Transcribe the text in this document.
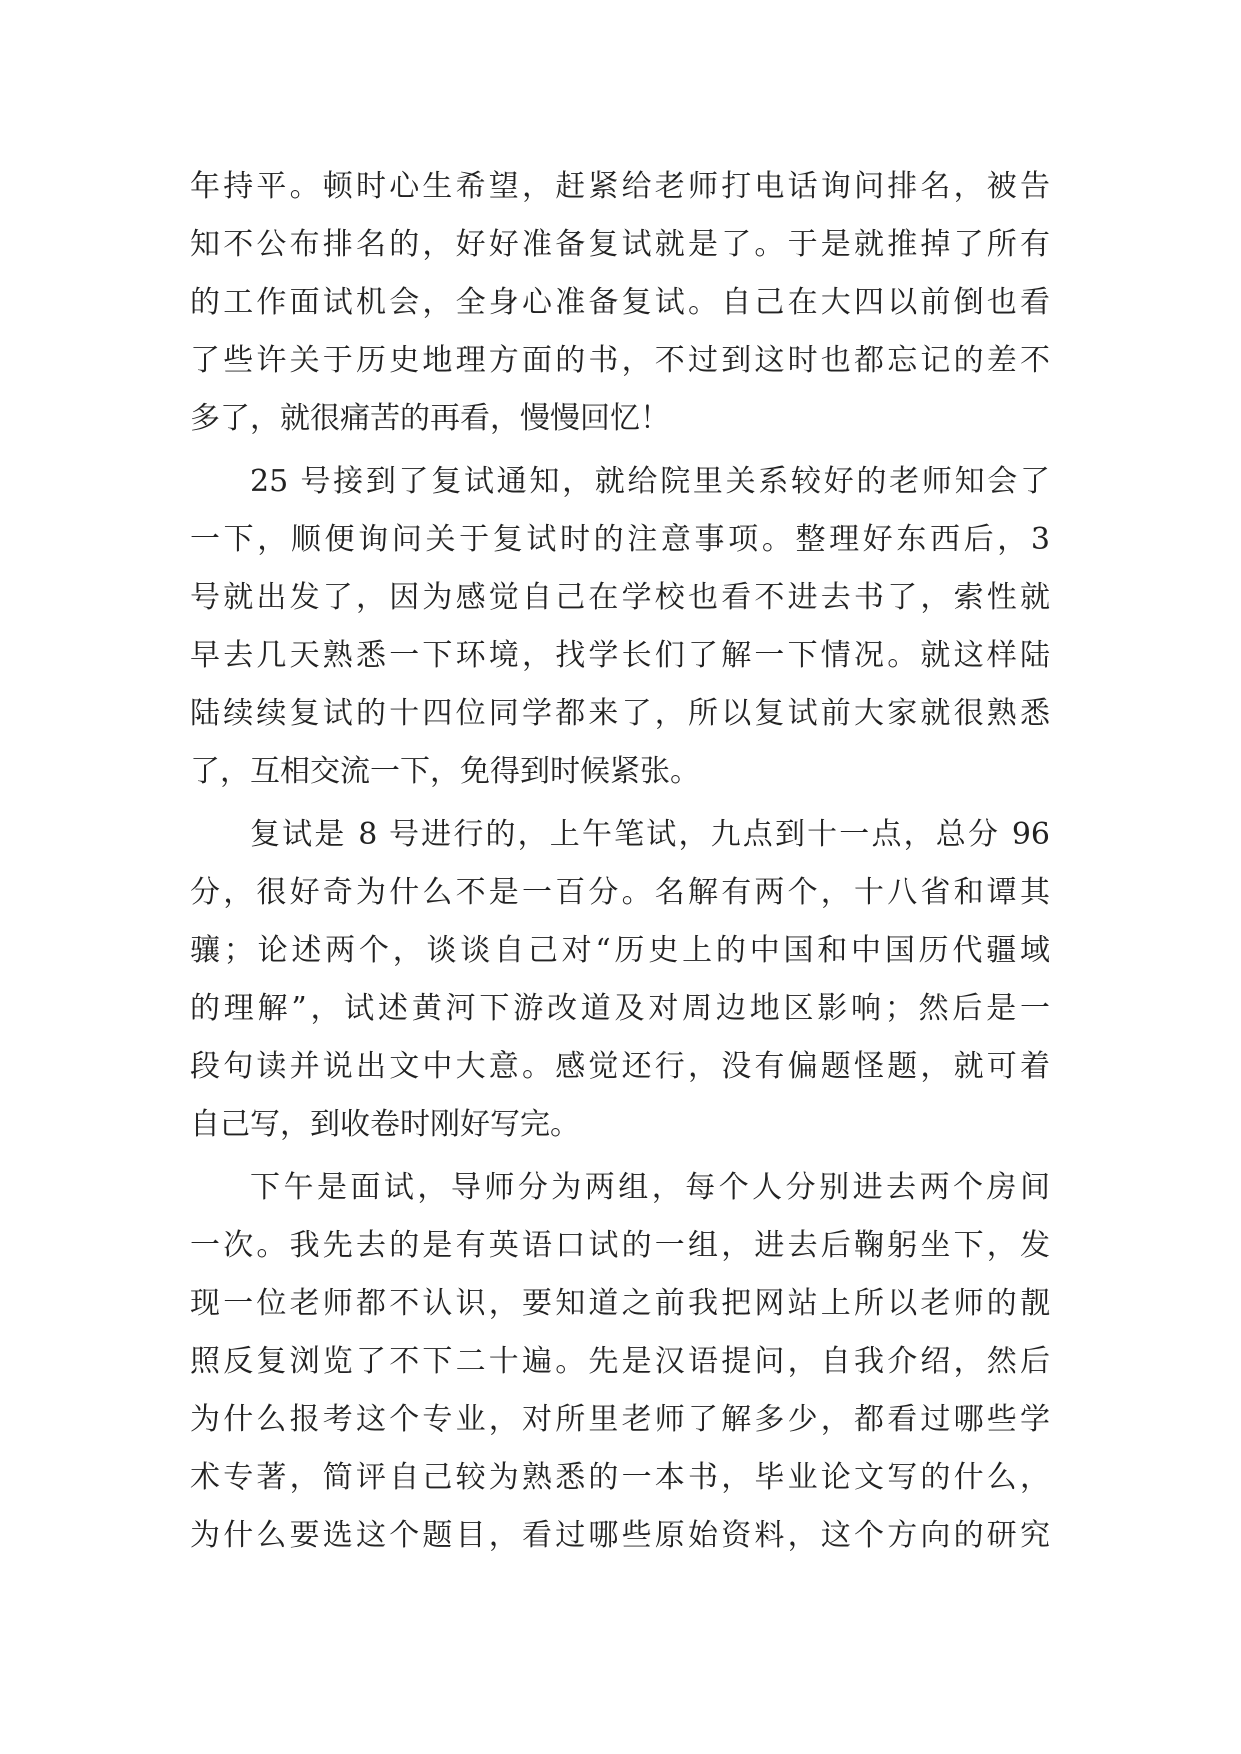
年持平。顿时心生希望，赶紧给老师打电话询问排名，被告
知不公布排名的，好好准备复试就是了。于是就推掉了所有
的工作面试机会，全身心准备复试。自己在大四以前倒也看
了些许关于历史地理方面的书，不过到这时也都忘记的差不
多了，就很痛苦的再看，慢慢回忆！
25 号接到了复试通知，就给院里关系较好的老师知会了
一下，顺便询问关于复试时的注意事项。整理好东西后，3
号就出发了，因为感觉自己在学校也看不进去书了，索性就
早去几天熟悉一下环境，找学长们了解一下情况。就这样陆
陆续续复试的十四位同学都来了，所以复试前大家就很熟悉
了，互相交流一下，免得到时候紧张。
复试是 8 号进行的，上午笔试，九点到十一点，总分 96
分，很好奇为什么不是一百分。名解有两个，十八省和谭其
骧；论述两个，谈谈自己对“历史上的中国和中国历代疆域
的理解”，试述黄河下游改道及对周边地区影响；然后是一
段句读并说出文中大意。感觉还行，没有偏题怪题，就可着
自己写，到收卷时刚好写完。
下午是面试，导师分为两组，每个人分别进去两个房间
一次。我先去的是有英语口试的一组，进去后鞠躬坐下，发
现一位老师都不认识，要知道之前我把网站上所以老师的靓
照反复浏览了不下二十遍。先是汉语提问，自我介绍，然后
为什么报考这个专业，对所里老师了解多少，都看过哪些学
术专著，简评自己较为熟悉的一本书，毕业论文写的什么，
为什么要选这个题目，看过哪些原始资料，这个方向的研究
